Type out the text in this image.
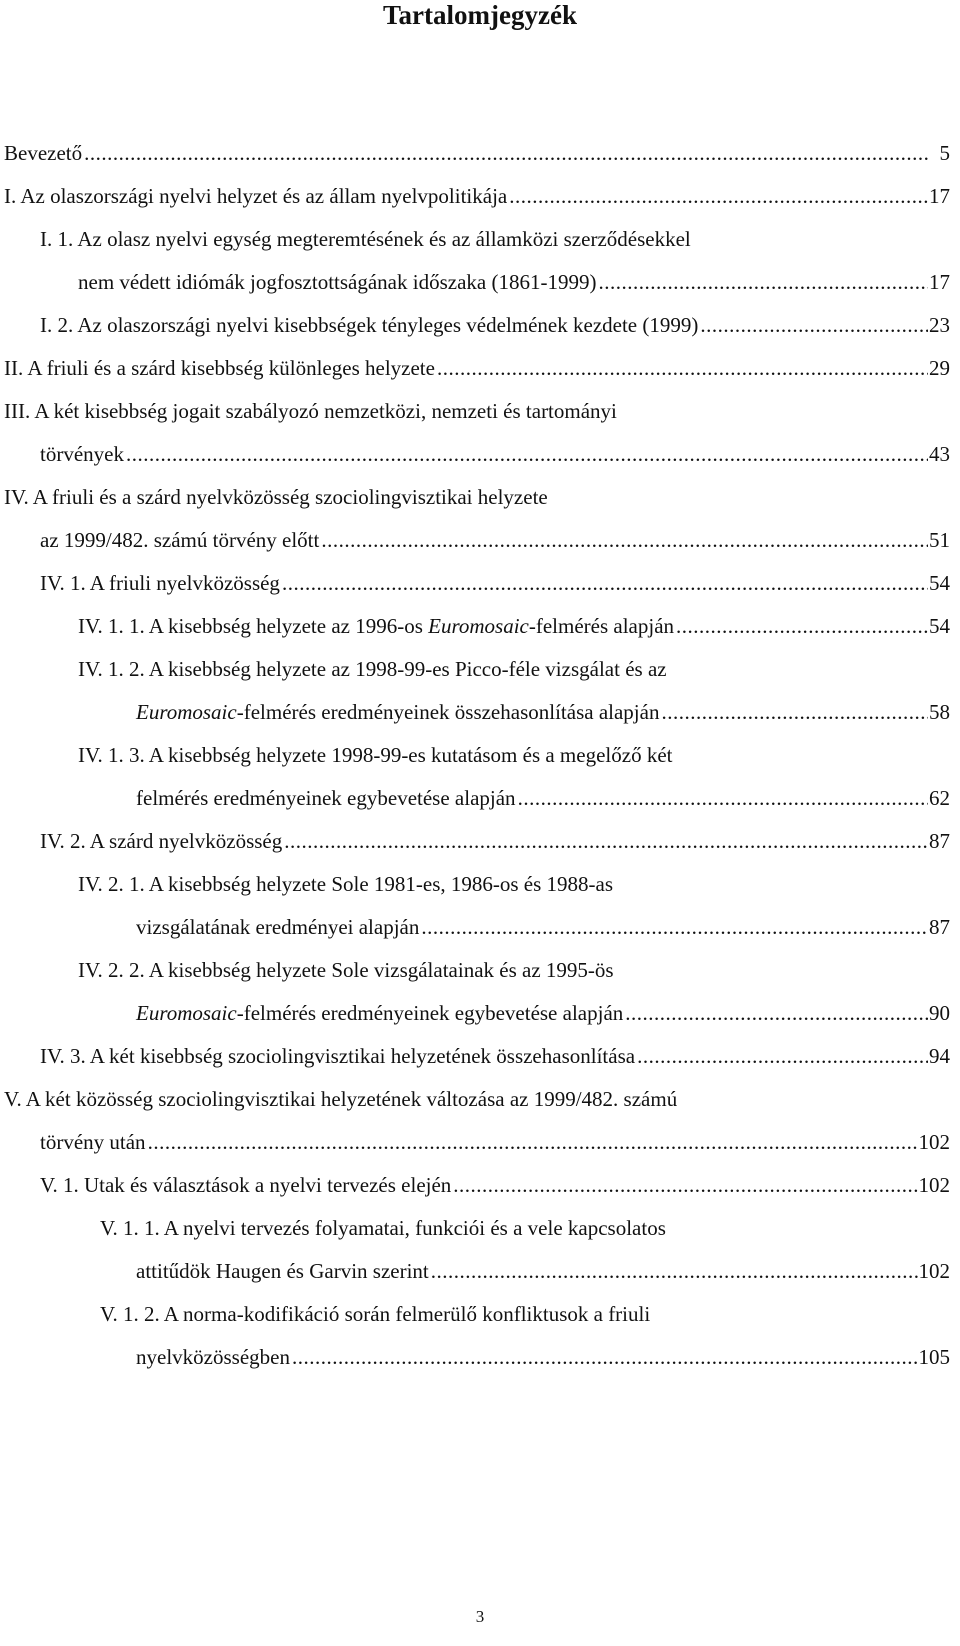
Tartalomjegyzék
Bevezető .....	5
I. Az olaszországi nyelvi helyzet és az állam nyelvpolitikája .....	17
I. 1. Az olasz nyelvi egység megteremtésének és az államközi szerződésekkel
nem védett idiómák jogfosztottságának időszaka (1861-1999) .....	17
I. 2. Az olaszországi nyelvi kisebbségek tényleges védelmének kezdete (1999) .....	23
II. A friuli és a szárd kisebbség különleges helyzete .....	29
III. A két kisebbség jogait szabályozó nemzetközi, nemzeti és tartományi
törvények .....	43
IV. A friuli és a szárd nyelvközösség szociolingvisztikai helyzete
az 1999/482. számú törvény előtt .....	51
IV. 1. A friuli nyelvközösség .....	54
IV. 1. 1. A kisebbség helyzete az 1996-os Euromosaic-felmérés alapján .....	54
IV. 1. 2. A kisebbség helyzete az 1998-99-es Picco-féle vizsgálat és az
Euromosaic-felmérés eredményeinek összehasonlítása alapján .....	58
IV. 1. 3. A kisebbség helyzete 1998-99-es kutatásom és a megelőző két
felmérés eredményeinek egybevetése alapján .....	62
IV. 2. A szárd nyelvközösség .....	87
IV. 2. 1. A kisebbség helyzete Sole 1981-es, 1986-os és 1988-as
vizsgálatának eredményei alapján .....	87
IV. 2. 2. A kisebbség helyzete Sole vizsgálatainak és az 1995-ös
Euromosaic-felmérés eredményeinek egybevetése alapján .....	90
IV. 3. A két kisebbség szociolingvisztikai helyzetének összehasonlítása .....	94
V. A két közösség szociolingvisztikai helyzetének változása az 1999/482. számú
törvény után .....	102
V. 1. Utak és választások a nyelvi tervezés elején .....	102
V. 1. 1. A nyelvi tervezés folyamatai, funkciói és a vele kapcsolatos
attitűdök Haugen és Garvin szerint .....	102
V. 1. 2. A norma-kodifikáció során felmerülő konfliktusok a friuli
nyelvközösségben .....	105
3
